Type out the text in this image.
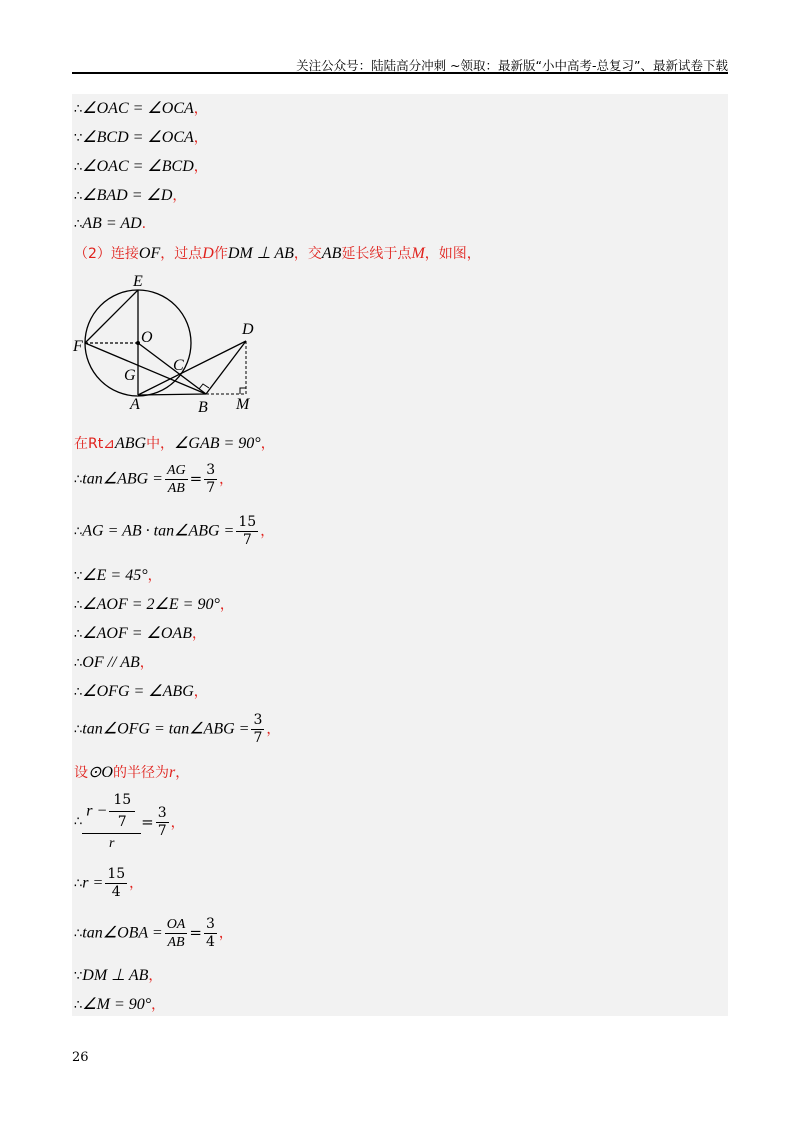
关注公众号：陆陆高分冲刺 ~领取：最新版“小中高考-总复习”、最新试卷下载
∴∠OAC = ∠OCA，
∵∠BCD = ∠OCA，
∴∠OAC = ∠BCD，
∴∠BAD = ∠D，
∴AB = AD.
（2）连接OF，过点D作DM ⊥ AB，交AB延长线于点M，如图，
E
O	D
F
C
G
A	B M
在Rt⊿ABG中，∠GAB = 90°，
∴tan∠ABG = $\frac{AG}{AB} = \frac{3}{7}$ ，
∴AG = AB · tan∠ABG = $\frac{15}{7}$ ，
∵∠E = 45°，
∴∠AOF = 2∠E = 90°，
∴∠AOF = ∠OAB，
∴OF // AB，
∴∠OFG = ∠ABG，
∴tan∠OFG = tan∠ABG = $\frac{3}{7}$ ，
设⊙O的半径为r，
∴ $\frac{r - \frac{15}{7}}{r} = \frac{3}{7}$ ，
∴r = $\frac{15}{4}$ ，
∴tan∠OBA = $\frac{OA}{AB} = \frac{3}{4}$ ，
∵DM ⊥ AB，
∴∠M = 90°，
26
